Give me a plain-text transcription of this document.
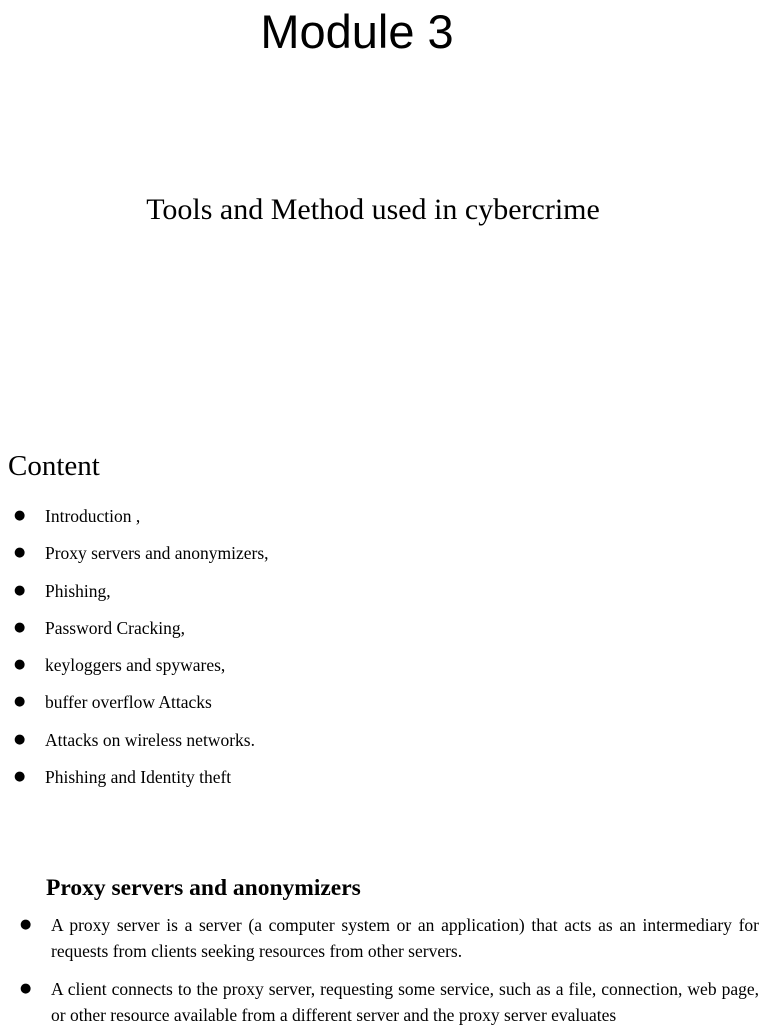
Module 3
Tools and Method used in cybercrime
Content
● Introduction ,
● Proxy servers and anonymizers,
● Phishing,
● Password Cracking,
● keyloggers and spywares,
● buffer overflow Attacks
● Attacks on wireless networks.
● Phishing and Identity theft
Proxy servers and anonymizers
● A proxy server is a server (a computer system or an application) that acts as an intermediary for requests from clients seeking resources from other servers.
● A client connects to the proxy server, requesting some service, such as a file, connection, web page, or other resource available from a different server and the proxy server evaluates
